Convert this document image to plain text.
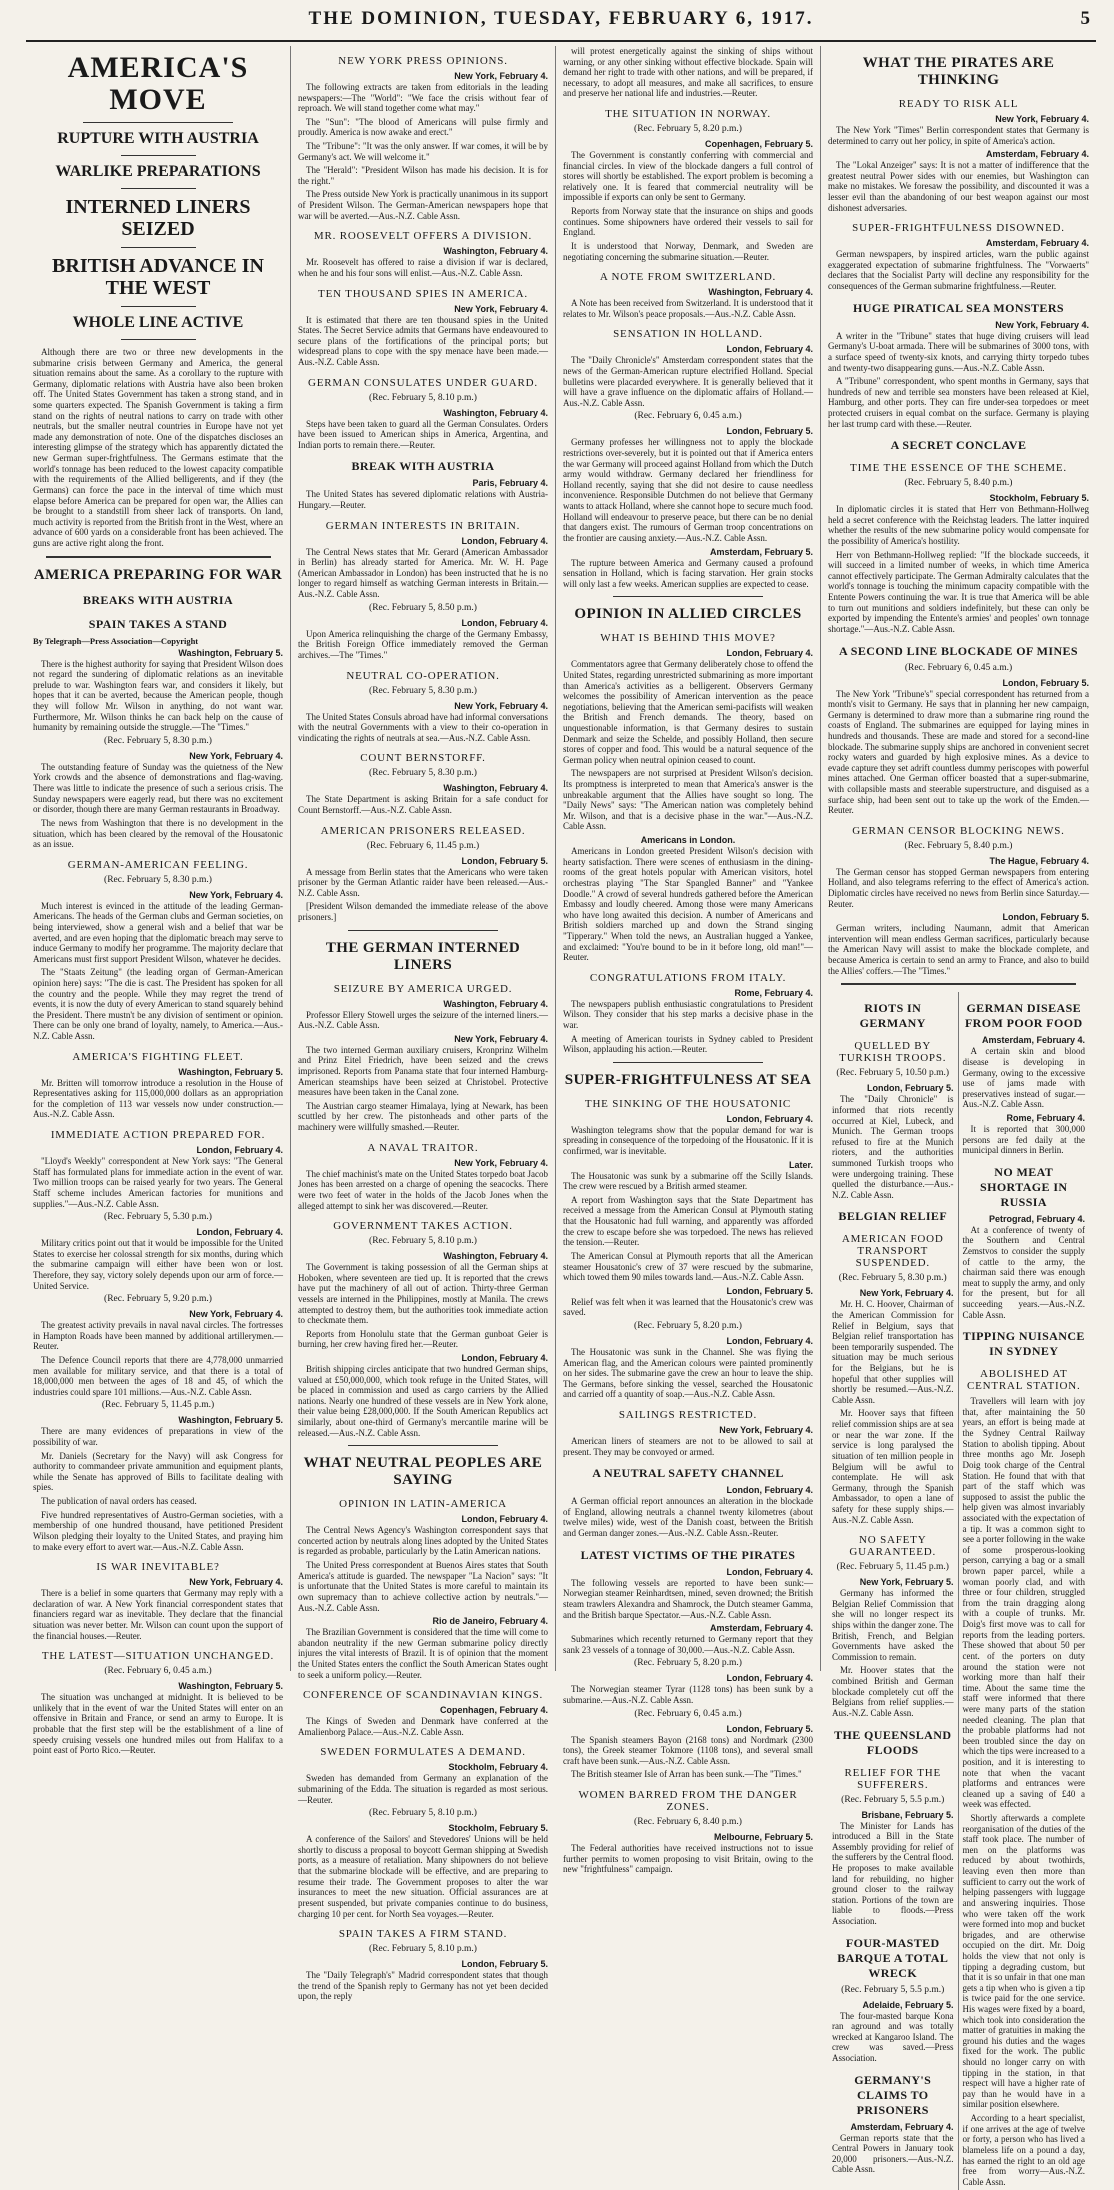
THE DOMINION, TUESDAY, FEBRUARY 6, 1917.	5
AMERICA'S MOVE
RUPTURE WITH AUSTRIA
WARLIKE PREPARATIONS
INTERNED LINERS SEIZED
BRITISH ADVANCE IN THE WEST
WHOLE LINE ACTIVE

Although there are two or three new developments in the submarine crisis between Germany and America, the general situation remains about the same. As a corollary to the rupture with Germany, diplomatic relations with Austria have also been broken off. The United States Government has taken a strong stand, and in some quarters expected. The Spanish Government is taking a firm stand on the rights of neutral nations to carry on trade with other neutrals, but the smaller neutral countries in Europe have not yet made any demonstration of note. One of the dispatches discloses an interesting glimpse of the strategy which has apparently dictated the new German super-frightfulness. The Germans estimate that the world's tonnage has been reduced to the lowest capacity compatible with the requirements of the Allied belligerents, and if they (the Germans) can force the pace in the interval of time which must elapse before America can be prepared for open war, the Allies can be brought to a standstill from sheer lack of transports. On land, much activity is reported from the British front in the West, where an advance of 600 yards on a considerable front has been achieved. The guns are active right along the front.

AMERICA PREPARING FOR WAR
BREAKS WITH AUSTRIA
SPAIN TAKES A STAND
By Telegraph—Press Association—Copyright
Washington, February 5.

There is the highest authority for saying that President Wilson does not regard the sundering of diplomatic relations as an inevitable prelude to war. Washington fears war, and considers it likely, but hopes that it can be averted, because the American people, though they will follow Mr. Wilson in anything, do not want war. Furthermore, Mr. Wilson thinks he can back help on the cause of humanity by remaining outside the struggle.—The "Times."

(Rec. February 5, 8.30 p.m.)
New York, February 4.

The outstanding feature of Sunday was the quietness of the New York crowds and the absence of demonstrations and flag-waving. There was little to indicate the presence of such a serious crisis. The Sunday newspapers were eagerly read, but there was no excitement or disorder, though there are many German restaurants in Broadway.

The news from Washington that there is no development in the situation, which has been cleared by the removal of the Housatonic as an issue.

GERMAN-AMERICAN FEELING.
(Rec. February 5, 8.30 p.m.)
New York, February 4.

Much interest is evinced in the attitude of the leading German-Americans. The heads of the German clubs and German societies, on being interviewed, show a general wish and a belief that war be averted, and are even hoping that the diplomatic breach may serve to induce Germany to modify her programme. The majority declare that Americans must first support President Wilson, whatever he decides.

The "Staats Zeitung" (the leading organ of German-American opinion here) says: "The die is cast. The President has spoken for all the country and the people. While they may regret the trend of events, it is now the duty of every American to stand squarely behind the President. There mustn't be any division of sentiment or opinion. There can be only one brand of loyalty, namely, to America.—Aus.-N.Z. Cable Assn.

AMERICA'S FIGHTING FLEET.
Washington, February 5.

Mr. Britten will tomorrow introduce a resolution in the House of Representatives asking for 115,000,000 dollars as an appropriation for the completion of 113 war vessels now under construction.—Aus.-N.Z. Cable Assn.

IMMEDIATE ACTION PREPARED FOR.
London, February 4.

"Lloyd's Weekly" correspondent at New York says: "The General Staff has formulated plans for immediate action in the event of war. Two million troops can be raised yearly for two years. The General Staff scheme includes American factories for munitions and supplies."—Aus.-N.Z. Cable Assn.

(Rec. February 5, 5.30 p.m.)
London, February 4.

Military critics point out that it would be impossible for the United States to exercise her colossal strength for six months, during which the submarine campaign will either have been won or lost. Therefore, they say, victory solely depends upon our arm of force.—United Service.

(Rec. February 5, 9.20 p.m.)
New York, February 4.

The greatest activity prevails in naval naval circles. The fortresses in Hampton Roads have been manned by additional artillerymen.—Reuter.

The Defence Council reports that there are 4,778,000 unmarried men available for military service, and that there is a total of 18,000,000 men between the ages of 18 and 45, of which the industries could spare 101 millions.—Aus.-N.Z. Cable Assn.

(Rec. February 5, 11.45 p.m.)
Washington, February 5.

There are many evidences of preparations in view of the possibility of war.

Mr. Daniels (Secretary for the Navy) will ask Congress for authority to commandeer private ammunition and equipment plants, while the Senate has approved of Bills to facilitate dealing with spies.

The publication of naval orders has ceased.

Five hundred representatives of Austro-German societies, with a membership of one hundred thousand, have petitioned President Wilson pledging their loyalty to the United States, and praying him to make every effort to avert war.—Aus.-N.Z. Cable Assn.

IS WAR INEVITABLE?
New York, February 4.

There is a belief in some quarters that Germany may reply with a declaration of war. A New York financial correspondent states that financiers regard war as inevitable. They declare that the financial situation was never better. Mr. Wilson can count upon the support of the financial houses.—Reuter.

THE LATEST—SITUATION UNCHANGED.
(Rec. February 6, 0.45 a.m.)
Washington, February 5.

The situation was unchanged at midnight. It is believed to be unlikely that in the event of war the United States will enter on an offensive in Britain and France, or send an army to Europe. It is probable that the first step will be the establishment of a line of speedy cruising vessels one hundred miles out from Halifax to a point east of Porto Rico.—Reuter.

NEW YORK PRESS OPINIONS.
New York, February 4.

The following extracts are taken from editorials in the leading newspapers:—The "World": "We face the crisis without fear of reproach. We will stand together come what may."

The "Sun": "The blood of Americans will pulse firmly and proudly. America is now awake and erect."

The "Tribune": "It was the only answer. If war comes, it will be by Germany's act. We will welcome it."

The "Herald": "President Wilson has made his decision. It is for the right."

The Press outside New York is practically unanimous in its support of President Wilson. The German-American newspapers hope that war will be averted.—Aus.-N.Z. Cable Assn.

MR. ROOSEVELT OFFERS A DIVISION.
Washington, February 4.

Mr. Roosevelt has offered to raise a division if war is declared, when he and his four sons will enlist.—Aus.-N.Z. Cable Assn.

TEN THOUSAND SPIES IN AMERICA.
New York, February 4.

It is estimated that there are ten thousand spies in the United States. The Secret Service admits that Germans have endeavoured to secure plans of the fortifications of the principal ports; but widespread plans to cope with the spy menace have been made.—Aus.-N.Z. Cable Assn.

GERMAN CONSULATES UNDER GUARD.
(Rec. February 5, 8.10 p.m.)
Washington, February 4.

Steps have been taken to guard all the German Consulates. Orders have been issued to American ships in America, Argentina, and Indian ports to remain there.—Reuter.

BREAK WITH AUSTRIA
Paris, February 4.

The United States has severed diplomatic relations with Austria-Hungary.—Reuter.

GERMAN INTERESTS IN BRITAIN.
London, February 4.

The Central News states that Mr. Gerard (American Ambassador in Berlin) has already started for America. Mr. W. H. Page (American Ambassador in London) has been instructed that he is no longer to regard himself as watching German interests in Britain.—Aus.-N.Z. Cable Assn.

(Rec. February 5, 8.50 p.m.)
London, February 4.

Upon America relinquishing the charge of the Germany Embassy, the British Foreign Office immediately removed the German archives.—The "Times."

NEUTRAL CO-OPERATION.
(Rec. February 5, 8.30 p.m.)
New York, February 4.

The United States Consuls abroad have had informal conversations with the neutral Governments with a view to their co-operation in vindicating the rights of neutrals at sea.—Aus.-N.Z. Cable Assn.

COUNT BERNSTORFF.
(Rec. February 5, 8.30 p.m.)
Washington, February 4.

The State Department is asking Britain for a safe conduct for Count Bernstorff.—Aus.-N.Z. Cable Assn.

AMERICAN PRISONERS RELEASED.
(Rec. February 6, 11.45 p.m.)
London, February 5.

A message from Berlin states that the Americans who were taken prisoner by the German Atlantic raider have been released.—Aus.-N.Z. Cable Assn.

[President Wilson demanded the immediate release of the above prisoners.]

THE GERMAN INTERNED LINERS
SEIZURE BY AMERICA URGED.
Washington, February 4.

Professor Ellery Stowell urges the seizure of the interned liners.—Aus.-N.Z. Cable Assn.

New York, February 4.

The two interned German auxiliary cruisers, Kronprinz Wilhelm and Prinz Eitel Friedrich, have been seized and the crews imprisoned. Reports from Panama state that four interned Hamburg-American steamships have been seized at Christobel. Protective measures have been taken in the Canal zone.

The Austrian cargo steamer Himalaya, lying at Newark, has been scuttled by her crew. The pistonheads and other parts of the machinery were willfully smashed.—Reuter.

A NAVAL TRAITOR.
New York, February 4.

The chief machinist's mate on the United States torpedo boat Jacob Jones has been arrested on a charge of opening the seacocks. There were two feet of water in the holds of the Jacob Jones when the alleged attempt to sink her was discovered.—Reuter.

GOVERNMENT TAKES ACTION.
(Rec. February 5, 8.10 p.m.)
Washington, February 4.

The Government is taking possession of all the German ships at Hoboken, where seventeen are tied up. It is reported that the crews have put the machinery of all out of action. Thirty-three German vessels are interned in the Philippines, mostly at Manila. The crews attempted to destroy them, but the authorities took immediate action to checkmate them.

Reports from Honolulu state that the German gunboat Geier is burning, her crew having fired her.—Reuter.

London, February 4.

British shipping circles anticipate that two hundred German ships, valued at £50,000,000, which took refuge in the United States, will be placed in commission and used as cargo carriers by the Allied nations. Nearly one hundred of these vessels are in New York alone, their value being £28,000,000. If the South American Republics act similarly, about one-third of Germany's mercantile marine will be released.—Aus.-N.Z. Cable Assn.

WHAT NEUTRAL PEOPLES ARE SAYING
OPINION IN LATIN-AMERICA
London, February 4.

The Central News Agency's Washington correspondent says that concerted action by neutrals along lines adopted by the United States is regarded as probable, particularly by the Latin American nations.

The United Press correspondent at Buenos Aires states that South America's attitude is guarded. The newspaper "La Nacion" says: "It is unfortunate that the United States is more careful to maintain its own supremacy than to achieve collective action by neutrals."—Aus.-N.Z. Cable Assn.

Rio de Janeiro, February 4.

The Brazilian Government is considered that the time will come to abandon neutrality if the new German submarine policy directly injures the vital interests of Brazil. It is of opinion that the moment the United States enters the conflict the South American States ought to seek a uniform policy.—Reuter.

CONFERENCE OF SCANDINAVIAN KINGS.
Copenhagen, February 4.

The Kings of Sweden and Denmark have conferred at the Amalienborg Palace.—Aus.-N.Z. Cable Assn.

SWEDEN FORMULATES A DEMAND.
Stockholm, February 4.

Sweden has demanded from Germany an explanation of the submarining of the Edda. The situation is regarded as most serious.—Reuter.

(Rec. February 5, 8.10 p.m.)
Stockholm, February 5.

A conference of the Sailors' and Stevedores' Unions will be held shortly to discuss a proposal to boycott German shipping at Swedish ports, as a measure of retaliation. Many shipowners do not believe that the submarine blockade will be effective, and are preparing to resume their trade. The Government proposes to alter the war insurances to meet the new situation. Official assurances are at present suspended, but private companies continue to do business, charging 10 per cent. for North Sea voyages.—Reuter.

SPAIN TAKES A FIRM STAND.
(Rec. February 5, 8.10 p.m.)
London, February 5.

The "Daily Telegraph's" Madrid correspondent states that though the trend of the Spanish reply to Germany has not yet been decided upon, the reply

will protest energetically against the sinking of ships without warning, or any other sinking without effective blockade. Spain will demand her right to trade with other nations, and will be prepared, if necessary, to adopt all measures, and make all sacrifices, to ensure and preserve her national life and industries.—Reuter.

THE SITUATION IN NORWAY.
(Rec. February 5, 8.20 p.m.)
Copenhagen, February 5.

The Government is constantly conferring with commercial and financial circles. In view of the blockade dangers a full control of stores will shortly be established. The export problem is becoming a relatively one. It is feared that commercial neutrality will be impossible if exports can only be sent to Germany.

Reports from Norway state that the insurance on ships and goods continues. Some shipowners have ordered their vessels to sail for England.

It is understood that Norway, Denmark, and Sweden are negotiating concerning the submarine situation.—Reuter.

A NOTE FROM SWITZERLAND.
Washington, February 4.

A Note has been received from Switzerland. It is understood that it relates to Mr. Wilson's peace proposals.—Aus.-N.Z. Cable Assn.

SENSATION IN HOLLAND.
London, February 4.

The "Daily Chronicle's" Amsterdam correspondent states that the news of the German-American rupture electrified Holland. Special bulletins were placarded everywhere. It is generally believed that it will have a grave influence on the diplomatic affairs of Holland.—Aus.-N.Z. Cable Assn.

(Rec. February 6, 0.45 a.m.)
London, February 5.

Germany professes her willingness not to apply the blockade restrictions over-severely, but it is pointed out that if America enters the war Germany will proceed against Holland from which the Dutch army would withdraw. Germany declared her friendliness for Holland recently, saying that she did not desire to cause needless inconvenience. Responsible Dutchmen do not believe that Germany wants to attack Holland, where she cannot hope to secure much food. Holland will endeavour to preserve peace, but there can be no denial that dangers exist. The rumours of German troop concentrations on the frontier are causing anxiety.—Aus.-N.Z. Cable Assn.

Amsterdam, February 5.

The rupture between America and Germany caused a profound sensation in Holland, which is facing starvation. Her grain stocks will only last a few weeks. American supplies are expected to cease.

OPINION IN ALLIED CIRCLES
WHAT IS BEHIND THIS MOVE?
London, February 4.

Commentators agree that Germany deliberately chose to offend the United States, regarding unrestricted submarining as more important than America's activities as a belligerent. Observers Germany welcomes the possibility of American intervention as the peace negotiations, believing that the American semi-pacifists will weaken the British and French demands. The theory, based on unquestionable information, is that Germany desires to sustain Denmark and seize the Schelde, and possibly Holland, then secure stores of copper and food. This would be a natural sequence of the German policy when neutral opinion ceased to count.

The newspapers are not surprised at President Wilson's decision. Its promptness is interpreted to mean that America's answer is the unbreakable argument that the Allies have sought so long. The "Daily News" says: "The American nation was completely behind Mr. Wilson, and that is a decisive phase in the war."—Aus.-N.Z. Cable Assn.

Americans in London.

Americans in London greeted President Wilson's decision with hearty satisfaction. There were scenes of enthusiasm in the dining-rooms of the great hotels popular with American visitors, hotel orchestras playing "The Star Spangled Banner" and "Yankee Doodle." A crowd of several hundreds gathered before the American Embassy and loudly cheered. Among those were many Americans who have long awaited this decision. A number of Americans and British soldiers marched up and down the Strand singing "Tipperary." When told the news, an Australian hugged a Yankee, and exclaimed: "You're bound to be in it before long, old man!"—Reuter.

CONGRATULATIONS FROM ITALY.
Rome, February 4.

The newspapers publish enthusiastic congratulations to President Wilson. They consider that his step marks a decisive phase in the war.

A meeting of American tourists in Sydney cabled to President Wilson, applauding his action.—Reuter.

SUPER-FRIGHTFULNESS AT SEA
THE SINKING OF THE HOUSATONIC
London, February 4.

Washington telegrams show that the popular demand for war is spreading in consequence of the torpedoing of the Housatonic. If it is confirmed, war is inevitable.

Later.

The Housatonic was sunk by a submarine off the Scilly Islands. The crew were rescued by a British armed steamer.

A report from Washington says that the State Department has received a message from the American Consul at Plymouth stating that the Housatonic had full warning, and apparently was afforded the crew to escape before she was torpedoed. The news has relieved the tension.—Reuter.

The American Consul at Plymouth reports that all the American steamer Housatonic's crew of 37 were rescued by the submarine, which towed them 90 miles towards land.—Aus.-N.Z. Cable Assn.

London, February 5.

Relief was felt when it was learned that the Housatonic's crew was saved.

(Rec. February 5, 8.20 p.m.)
London, February 4.

The Housatonic was sunk in the Channel. She was flying the American flag, and the American colours were painted prominently on her sides. The submarine gave the crew an hour to leave the ship. The Germans, before sinking the vessel, searched the Housatonic and carried off a quantity of soap.—Aus.-N.Z. Cable Assn.

SAILINGS RESTRICTED.
New York, February 4.

American liners of steamers are not to be allowed to sail at present. They may be convoyed or armed.

A NEUTRAL SAFETY CHANNEL
London, February 4.

A German official report announces an alteration in the blockade of England, allowing neutrals a channel twenty kilometres (about twelve miles) wide, west of the Danish coast, between the British and German danger zones.—Aus.-N.Z. Cable Assn.-Reuter.

LATEST VICTIMS OF THE PIRATES
London, February 4.

The following vessels are reported to have been sunk:—Norwegian steamer Reinhardtsen, mined, seven drowned; the British steam trawlers Alexandra and Shamrock, the Dutch steamer Gamma, and the British barque Spectator.—Aus.-N.Z. Cable Assn.

Amsterdam, February 4.

Submarines which recently returned to Germany report that they sank 23 vessels of a tonnage of 30,000.—Aus.-N.Z. Cable Assn.

(Rec. February 5, 8.20 p.m.)
London, February 4.

The Norwegian steamer Tyrar (1128 tons) has been sunk by a submarine.—Aus.-N.Z. Cable Assn.

(Rec. February 6, 0.45 a.m.)
London, February 5.

The Spanish steamers Bayon (2168 tons) and Nordmark (2300 tons), the Greek steamer Tokmore (1108 tons), and several small craft have been sunk.—Aus.-N.Z. Cable Assn.

The British steamer Isle of Arran has been sunk.—The "Times."

WOMEN BARRED FROM THE DANGER ZONES.
(Rec. February 6, 8.40 p.m.)
Melbourne, February 5.

The Federal authorities have received instructions not to issue further permits to women proposing to visit Britain, owing to the new "frightfulness" campaign.

WHAT THE PIRATES ARE THINKING
READY TO RISK ALL
New York, February 4.

The New York "Times" Berlin correspondent states that Germany is determined to carry out her policy, in spite of America's action.

Amsterdam, February 4.

The "Lokal Anzeiger" says: It is not a matter of indifference that the greatest neutral Power sides with our enemies, but Washington can make no mistakes. We foresaw the possibility, and discounted it was a lesser evil than the abandoning of our best weapon against our most dishonest adversaries.

SUPER-FRIGHTFULNESS DISOWNED.
Amsterdam, February 4.

German newspapers, by inspired articles, warn the public against exaggerated expectation of submarine frightfulness. The "Vorwaerts" declares that the Socialist Party will decline any responsibility for the consequences of the German submarine frightfulness.—Reuter.

HUGE PIRATICAL SEA MONSTERS
New York, February 4.

A writer in the "Tribune" states that huge diving cruisers will lead Germany's U-boat armada. There will be submarines of 3000 tons, with a surface speed of twenty-six knots, and carrying thirty torpedo tubes and twenty-two disappearing guns.—Aus.-N.Z. Cable Assn.

A "Tribune" correspondent, who spent months in Germany, says that hundreds of new and terrible sea monsters have been released at Kiel, Hamburg, and other ports. They can fire under-sea torpedoes or meet protected cruisers in equal combat on the surface. Germany is playing her last trump card with these.—Reuter.

A SECRET CONCLAVE
TIME THE ESSENCE OF THE SCHEME.
(Rec. February 5, 8.40 p.m.)
Stockholm, February 5.

In diplomatic circles it is stated that Herr von Bethmann-Hollweg held a secret conference with the Reichstag leaders. The latter inquired whether the results of the new submarine policy would compensate for the possibility of America's hostility.

Herr von Bethmann-Hollweg replied: "If the blockade succeeds, it will succeed in a limited number of weeks, in which time America cannot effectively participate. The German Admiralty calculates that the world's tonnage is touching the minimum capacity compatible with the Entente Powers continuing the war. It is true that America will be able to turn out munitions and soldiers indefinitely, but these can only be exported by impending the Entente's armies' and peoples' own tonnage shortage."—Aus.-N.Z. Cable Assn.

A SECOND LINE BLOCKADE OF MINES
(Rec. February 6, 0.45 a.m.)
London, February 5.

The New York "Tribune's" special correspondent has returned from a month's visit to Germany. He says that in planning her new campaign, Germany is determined to draw more than a submarine ring round the coasts of England. The submarines are equipped for laying mines in hundreds and thousands. These are made and stored for a second-line blockade. The submarine supply ships are anchored in convenient secret rocky waters and guarded by high explosive mines. As a device to evade capture they set adrift countless dummy periscopes with powerful mines attached. One German officer boasted that a super-submarine, with collapsible masts and steerable superstructure, and disguised as a surface ship, had been sent out to take up the work of the Emden.—Reuter.

GERMAN CENSOR BLOCKING NEWS.
(Rec. February 5, 8.40 p.m.)
The Hague, February 4.

The German censor has stopped German newspapers from entering Holland, and also telegrams referring to the effect of America's action. Diplomatic circles have received no news from Berlin since Saturday.—Reuter.

London, February 5.

German writers, including Naumann, admit that American intervention will mean endless German sacrifices, particularly because the American Navy will assist to make the blockade complete, and because America is certain to send an army to France, and also to build the Allies' coffers.—The "Times."

RIOTS IN GERMANY
QUELLED BY TURKISH TROOPS.
(Rec. February 5, 10.50 p.m.)
London, February 5.

The "Daily Chronicle" is informed that riots recently occurred at Kiel, Lubeck, and Munich. The German troops refused to fire at the Munich rioters, and the authorities summoned Turkish troops who were undergoing training. These quelled the disturbance.—Aus.-N.Z. Cable Assn.

BELGIAN RELIEF
AMERICAN FOOD TRANSPORT SUSPENDED.
(Rec. February 5, 8.30 p.m.)
New York, February 4.

Mr. H. C. Hoover, Chairman of the American Commission for Relief in Belgium, says that Belgian relief transportation has been temporarily suspended. The situation may be much serious for the Belgians, but he is hopeful that other supplies will shortly be resumed.—Aus.-N.Z. Cable Assn.

Mr. Hoover says that fifteen relief commission ships are at sea or near the war zone. If the service is long paralysed the situation of ten million people in Belgium will be awful to contemplate. He will ask Germany, through the Spanish Ambassador, to open a lane of safety for these supply ships.—Aus.-N.Z. Cable Assn.

NO SAFETY GUARANTEED.
(Rec. February 5, 11.45 p.m.)
New York, February 5.

Germany has informed the Belgian Relief Commission that she will no longer respect its ships within the danger zone. The British, French, and Belgian Governments have asked the Commission to remain.

Mr. Hoover states that the combined British and German blockade completely cut off the Belgians from relief supplies.—Aus.-N.Z. Cable Assn.

THE QUEENSLAND FLOODS
RELIEF FOR THE SUFFERERS.
(Rec. February 5, 5.5 p.m.)
Brisbane, February 5.

The Minister for Lands has introduced a Bill in the State Assembly providing for relief of the sufferers by the Central flood. He proposes to make available land for rebuilding, no higher ground closer to the railway station. Portions of the town are liable to floods.—Press Association.

FOUR-MASTED BARQUE A TOTAL WRECK
(Rec. February 5, 5.5 p.m.)
Adelaide, February 5.

The four-masted barque Kona ran aground and was totally wrecked at Kangaroo Island. The crew was saved.—Press Association.

GERMANY'S CLAIMS TO PRISONERS
Amsterdam, February 4.

German reports state that the Central Powers in January took 20,000 prisoners.—Aus.-N.Z. Cable Assn.

GERMAN DISEASE FROM POOR FOOD
Amsterdam, February 4.

A certain skin and blood disease is developing in Germany, owing to the excessive use of jams made with preservatives instead of sugar.—Aus.-N.Z. Cable Assn.

Rome, February 4.

It is reported that 300,000 persons are fed daily at the municipal dinners in Berlin.

NO MEAT SHORTAGE IN RUSSIA
Petrograd, February 4.

At a conference of twenty of the Southern and Central Zemstvos to consider the supply of cattle to the army, the chairman said there was enough meat to supply the army, and only for the present, but for all succeeding years.—Aus.-N.Z. Cable Assn.

TIPPING NUISANCE IN SYDNEY
ABOLISHED AT CENTRAL STATION.

Travellers will learn with joy that, after maintaining the 50 years, an effort is being made at the Sydney Central Railway Station to abolish tipping. About three months ago Mr. Joseph Doig took charge of the Central Station. He found that with that part of the staff which was supposed to assist the public the help given was almost invariably associated with the expectation of a tip. It was a common sight to see a porter following in the wake of some prosperous-looking person, carrying a bag or a small brown paper parcel, while a woman poorly clad, and with three or four children, struggled from the train dragging along with a couple of trunks. Mr. Doig's first move was to call for reports from the leading porters. These showed that about 50 per cent. of the porters on duty around the station were not working more than half their time. About the same time the staff were informed that there were many parts of the station needed cleaning. The plan that the probable platforms had not been troubled since the day on which the tips were increased to a position, and it is interesting to note that when the vacant platforms and entrances were cleaned up a saving of £40 a week was effected.

Shortly afterwards a complete reorganisation of the duties of the staff took place. The number of men on the platforms was reduced by about twothirds, leaving even then more than sufficient to carry out the work of helping passengers with luggage and answering inquiries. Those who were taken off the work were formed into mop and bucket brigades, and are otherwise occupied on the dirt. Mr. Doig holds the view that not only is tipping a degrading custom, but that it is so unfair in that one man gets a tip when who is given a tip is twice paid for the one service. His wages were fixed by a board, which took into consideration the matter of gratuities in making the ground his duties and the wages fixed for the work. The public should no longer carry on with tipping in the station, in that respect will have a higher rate of pay than he would have in a similar position elsewhere.

According to a heart specialist, if one arrives at the age of twelve or forty, a person who has lived a blameless life on a pound a day, has earned the right to an old age free from worry—Aus.-N.Z. Cable Assn.
